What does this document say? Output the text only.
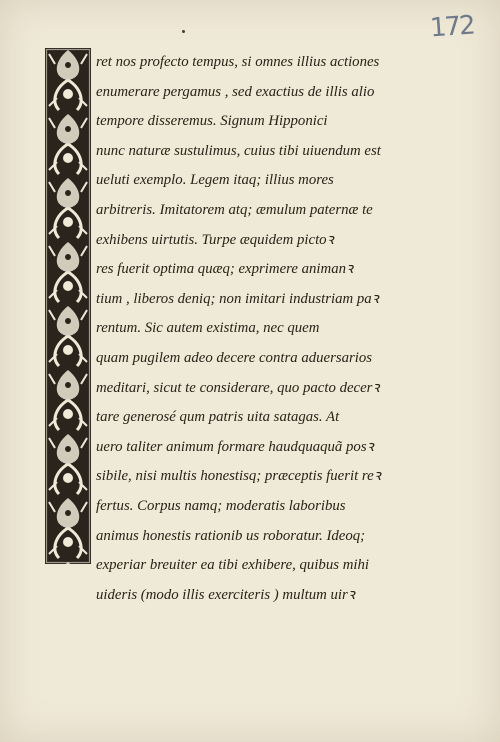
172
ret nos profecto tempus, si omnes illius actiones
enumerare pergamus , sed exactius de illis alio
tempore disseremus. Signum Hipponici
nunc naturæ sustulimus, cuius tibi uiuendum est
ueluti exemplo. Legem itaq; illius mores
arbitreris. Imitatorem atq; æmulum paternæ te
exhibens uirtutis. Turpe æquidem pictoꝛ
res fuerit optima quæq; exprimere animanꝛ
tium , liberos deniq; non imitari industriam paꝛ
rentum. Sic autem existima, nec quem
quam pugilem adeo decere contra aduersarios
meditari, sicut te considerare, quo pacto decerꝛ
tare generosé qum patris uita satagas. At
uero taliter animum formare haudquaquã posꝛ
sibile, nisi multis honestisq; præceptis fuerit reꝛ
fertus. Corpus namq; moderatis laboribus
animus honestis rationib us roboratur. Ideoq;
experiar breuiter ea tibi exhibere, quibus mihi
uideris (modo illis exerciteris ) multum uirꝛ
